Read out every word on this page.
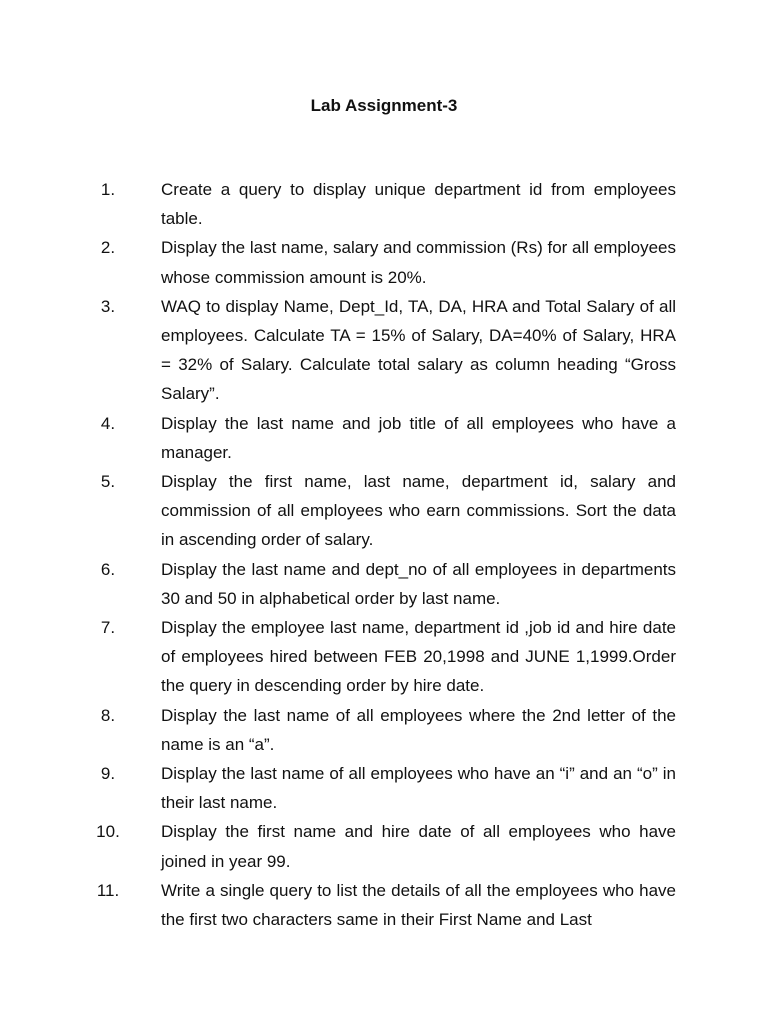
Lab Assignment-3
1.	Create a query to display unique department id from employees table.
2.	Display the last name, salary and commission (Rs) for all employees whose commission amount is 20%.
3.	WAQ to display Name, Dept_Id, TA, DA, HRA and Total Salary of all employees. Calculate TA = 15% of Salary, DA=40% of Salary, HRA = 32% of Salary. Calculate total salary as column heading “Gross Salary”.
4.	Display the last name and job title of all employees who have a manager.
5.	Display the first name, last name, department id, salary and commission of all employees who earn commissions. Sort the data in ascending order of salary.
6.	Display the last name and dept_no of all employees in departments 30 and 50 in alphabetical order by last name.
7.	Display the employee last name, department id ,job id and hire date of employees hired between FEB 20,1998 and JUNE 1,1999.Order the query in descending order by hire date.
8.	Display the last name of all employees where the 2nd letter of the name is an “a”.
9.	Display the last name of all employees who have an “i” and an “o” in their last name.
10.	Display the first name and hire date of all employees who have joined in year 99.
11.	Write a single query to list the details of all the employees who have the first two characters same in their First Name and Last
